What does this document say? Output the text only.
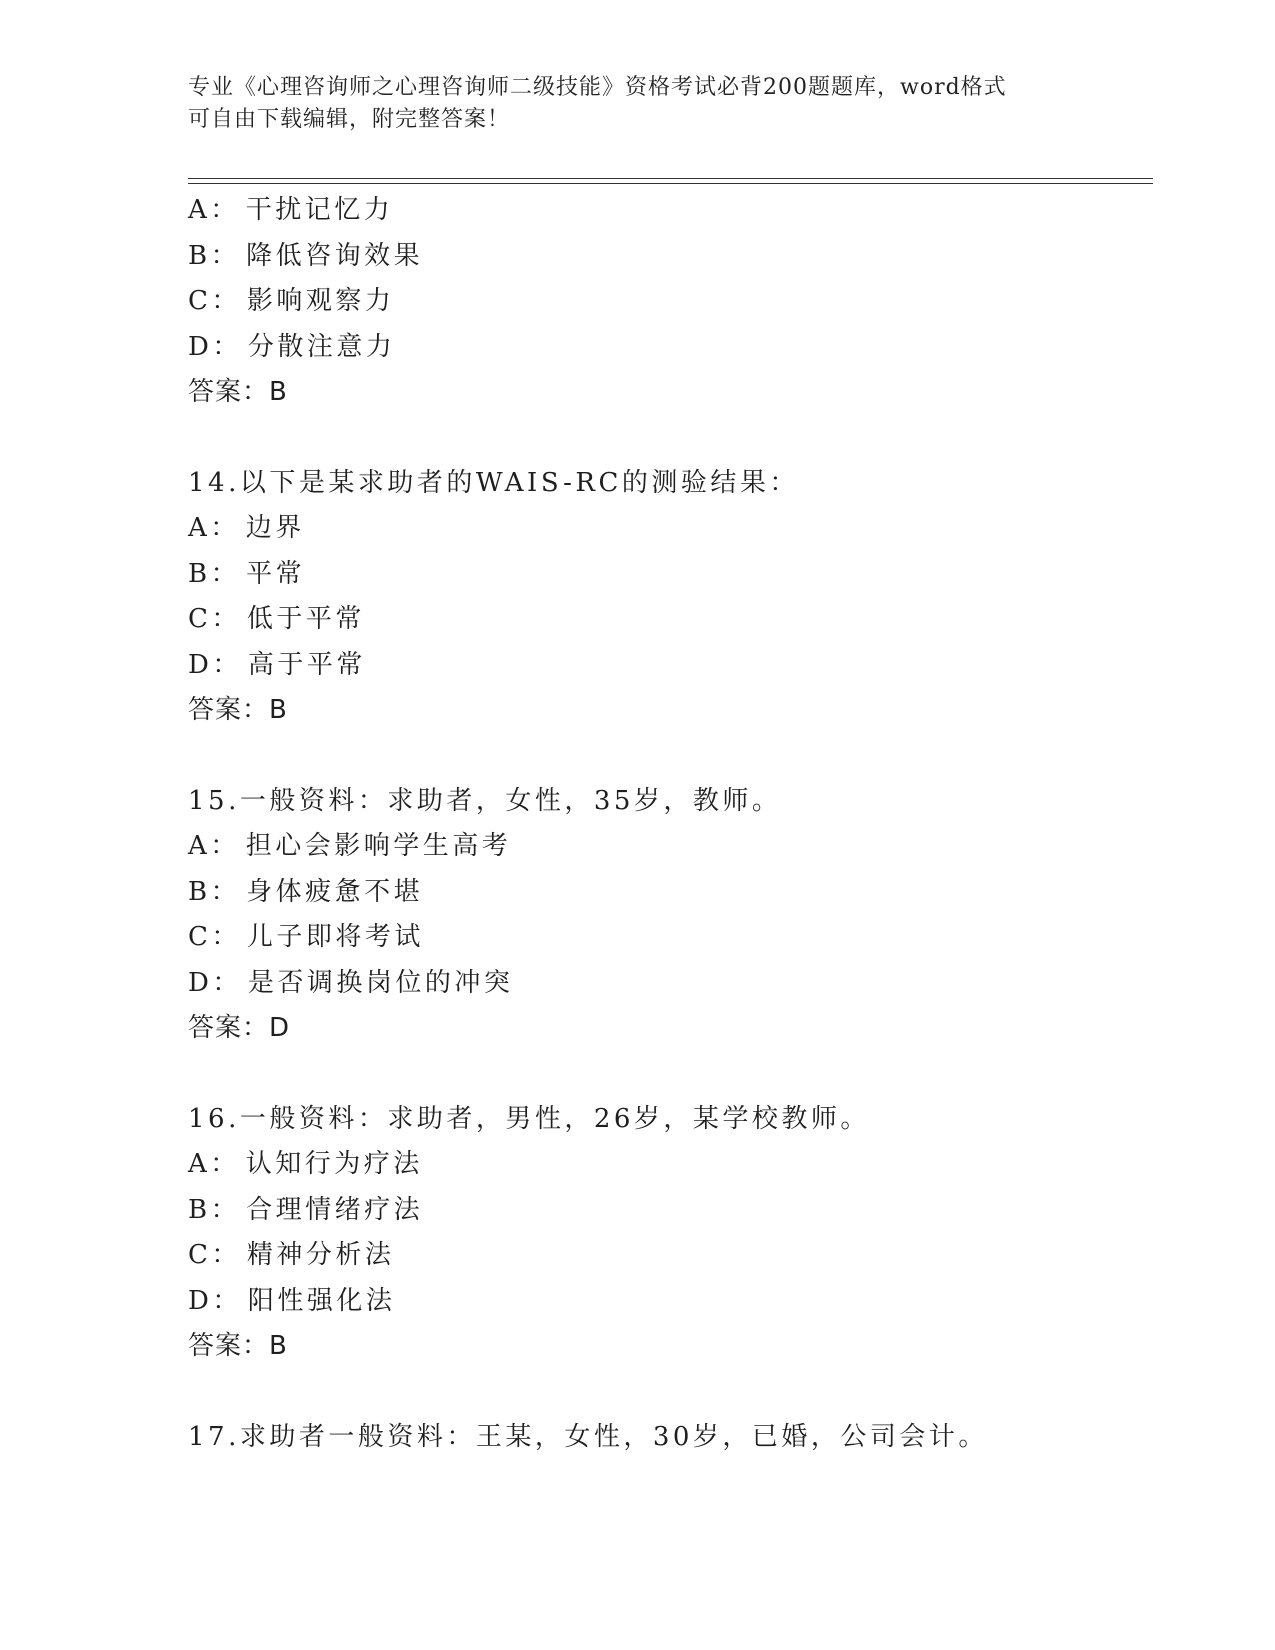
专业《心理咨询师之心理咨询师二级技能》资格考试必背200题题库，word格式
可自由下载编辑，附完整答案！
A： 干扰记忆力
B： 降低咨询效果
C： 影响观察力
D： 分散注意力
答案：B
14.以下是某求助者的WAIS-RC的测验结果：
A： 边界
B： 平常
C： 低于平常
D： 高于平常
答案：B
15.一般资料：求助者，女性，35岁，教师。
A： 担心会影响学生高考
B： 身体疲惫不堪
C： 儿子即将考试
D： 是否调换岗位的冲突
答案：D
16.一般资料：求助者，男性，26岁，某学校教师。
A： 认知行为疗法
B： 合理情绪疗法
C： 精神分析法
D： 阳性强化法
答案：B
17.求助者一般资料：王某，女性，30岁，已婚，公司会计。
